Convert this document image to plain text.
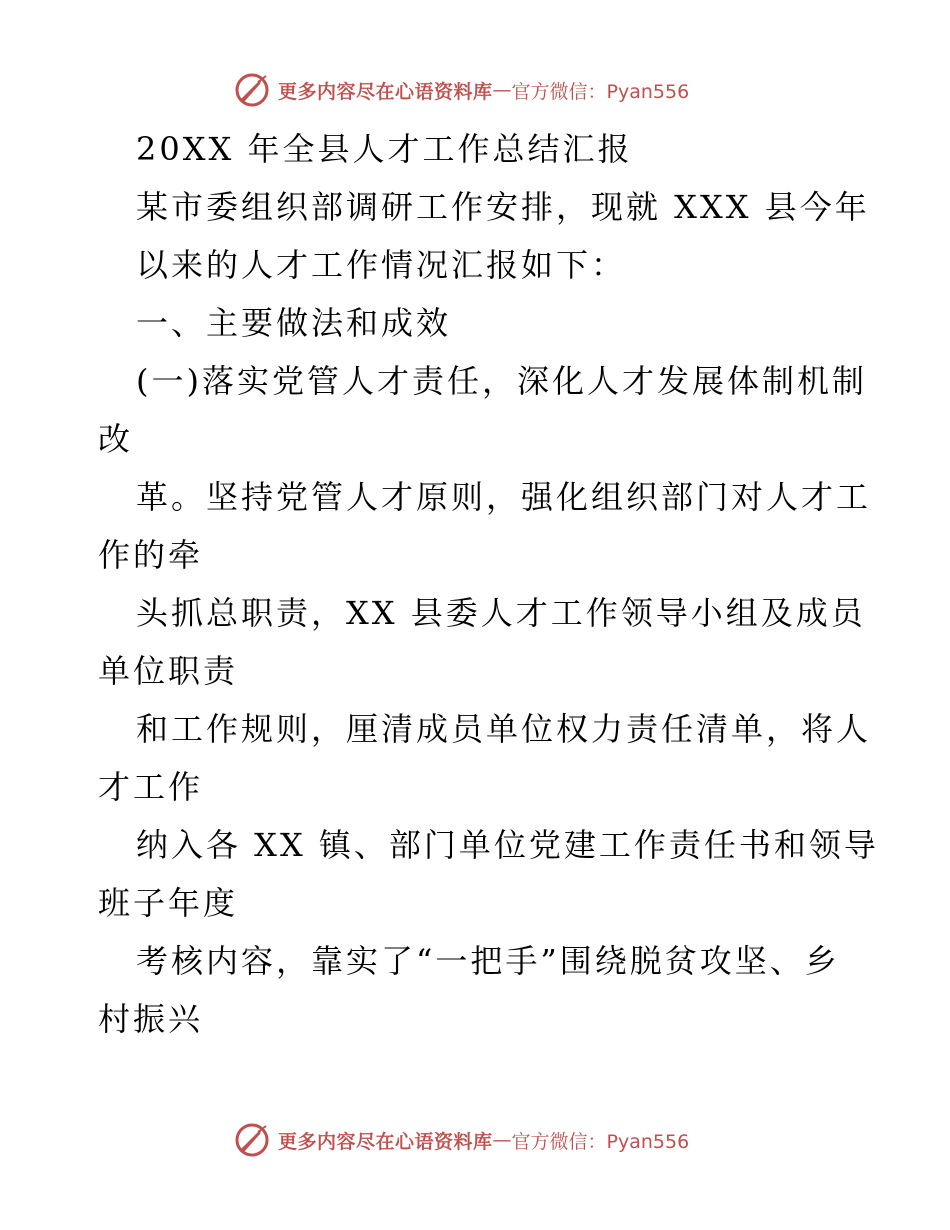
更多内容尽在心语资料库 — 官方微信：Pyan556
20XX 年全县人才工作总结汇报
某市委组织部调研工作安排，现就 XXX 县今年
以来的人才工作情况汇报如下：
一、主要做法和成效
(一)落实党管人才责任，深化人才发展体制机制
改
革。坚持党管人才原则，强化组织部门对人才工
作的牵
头抓总职责，XX 县委人才工作领导小组及成员
单位职责
和工作规则，厘清成员单位权力责任清单，将人
才工作
纳入各 XX 镇、部门单位党建工作责任书和领导
班子年度
考核内容，靠实了“一把手”围绕脱贫攻坚、乡
村振兴
更多内容尽在心语资料库 — 官方微信：Pyan556
